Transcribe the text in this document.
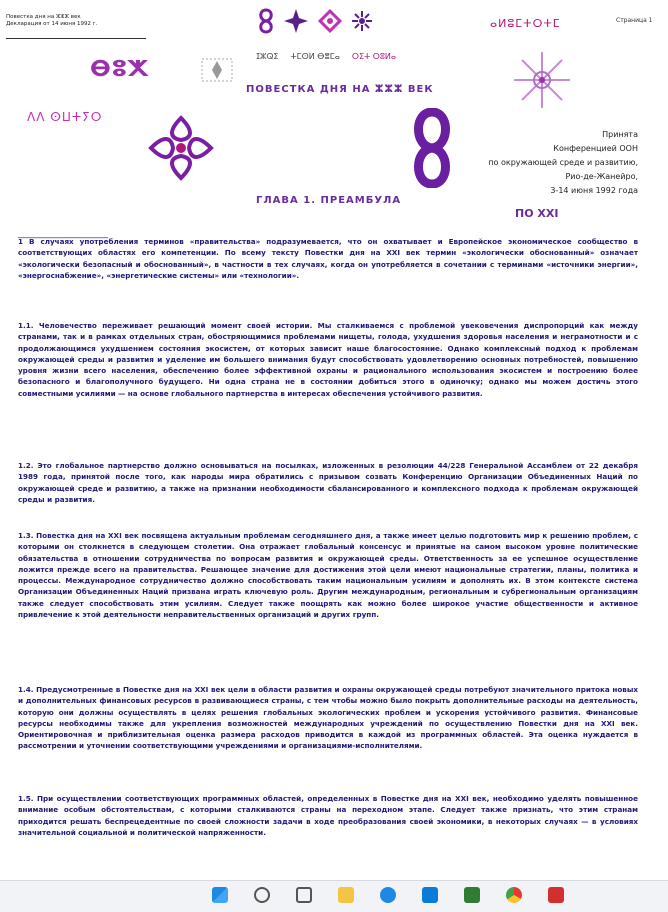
Повестка дня на ⵣⵣⵣ век
Декларация от 14 июня 1992 г.	ⴰⵍⵓⵎⵜⵔⵜⵎ	Страница 1
ⴱⵓⵅ
ⴷⴷ ⵙⵡⵜⵢⵔ
ⵊⵣⵕⵉ ⵜⵎⵙⵍ ⴱⴻⵎⴰ ⵔⵉⵜ ⵔⵓⵍⴰ
ПОВЕСТКА ДНЯ НА ⵣⵣⵣ ВЕК
Принята
Конференцией ООН
по окружающей среде и развитию,
Рио-де-Жанейро,
3-14 июня 1992 года
ГЛАВА 1. ПРЕАМБУЛА
ПО XXI
____________________

1 В случаях употребления терминов «правительства» подразумевается, что он охватывает и Европейское экономическое сообщество в соответствующих областях его компетенции. По всему тексту Повестки дня на XXI век термин «экологически обоснованный» означает «экологически безопасный и обоснованный», в частности в тех случаях, когда он употребляется в сочетании с терминами «источники энергии», «энергоснабжение», «энергетические системы» или «технологии».

1.1. Человечество переживает решающий момент своей истории. Мы сталкиваемся с проблемой увековечения диспропорций как между странами, так и в рамках отдельных стран, обостряющимися проблемами нищеты, голода, ухудшения здоровья населения и неграмотности и с продолжающимся ухудшением состояния экосистем, от которых зависит наше благосостояние. Однако комплексный подход к проблемам окружающей среды и развития и уделение им большего внимания будут способствовать удовлетворению основных потребностей, повышению уровня жизни всего населения, обеспечению более эффективной охраны и рационального использования экосистем и построению более безопасного и благополучного будущего. Ни одна страна не в состоянии добиться этого в одиночку; однако мы можем достичь этого совместными усилиями — на основе глобального партнерства в интересах обеспечения устойчивого развития.

1.2. Это глобальное партнерство должно основываться на посылках, изложенных в резолюции 44/228 Генеральной Ассамблеи от 22 декабря 1989 года, принятой после того, как народы мира обратились с призывом созвать Конференцию Организации Объединенных Наций по окружающей среде и развитию, а также на признании необходимости сбалансированного и комплексного подхода к проблемам окружающей среды и развития.

1.3. Повестка дня на XXI век посвящена актуальным проблемам сегодняшнего дня, а также имеет целью подготовить мир к решению проблем, с которыми он столкнется в следующем столетии. Она отражает глобальный консенсус и принятые на самом высоком уровне политические обязательства в отношении сотрудничества по вопросам развития и окружающей среды. Ответственность за ее успешное осуществление ложится прежде всего на правительства. Решающее значение для достижения этой цели имеют национальные стратегии, планы, политика и процессы. Международное сотрудничество должно способствовать таким национальным усилиям и дополнять их. В этом контексте система Организации Объединенных Наций призвана играть ключевую роль. Другим международным, региональным и субрегиональным организациям также следует способствовать этим усилиям. Следует также поощрять как можно более широкое участие общественности и активное привлечение к этой деятельности неправительственных организаций и других групп.

1.4. Предусмотренные в Повестке дня на XXI век цели в области развития и охраны окружающей среды потребуют значительного притока новых и дополнительных финансовых ресурсов в развивающиеся страны, с тем чтобы можно было покрыть дополнительные расходы на деятельность, которую они должны осуществлять в целях решения глобальных экологических проблем и ускорения устойчивого развития. Финансовые ресурсы необходимы также для укрепления возможностей международных учреждений по осуществлению Повестки дня на XXI век. Ориентировочная и приблизительная оценка размера расходов приводится в каждой из программных областей. Эта оценка нуждается в рассмотрении и уточнении соответствующими учреждениями и организациями-исполнителями.

1.5. При осуществлении соответствующих программных областей, определенных в Повестке дня на XXI век, необходимо уделять повышенное внимание особым обстоятельствам, с которыми сталкиваются страны на переходном этапе. Следует также признать, что этим странам приходится решать беспрецедентные по своей сложности задачи в ходе преобразования своей экономики, в некоторых случаях — в условиях значительной социальной и политической напряженности.
